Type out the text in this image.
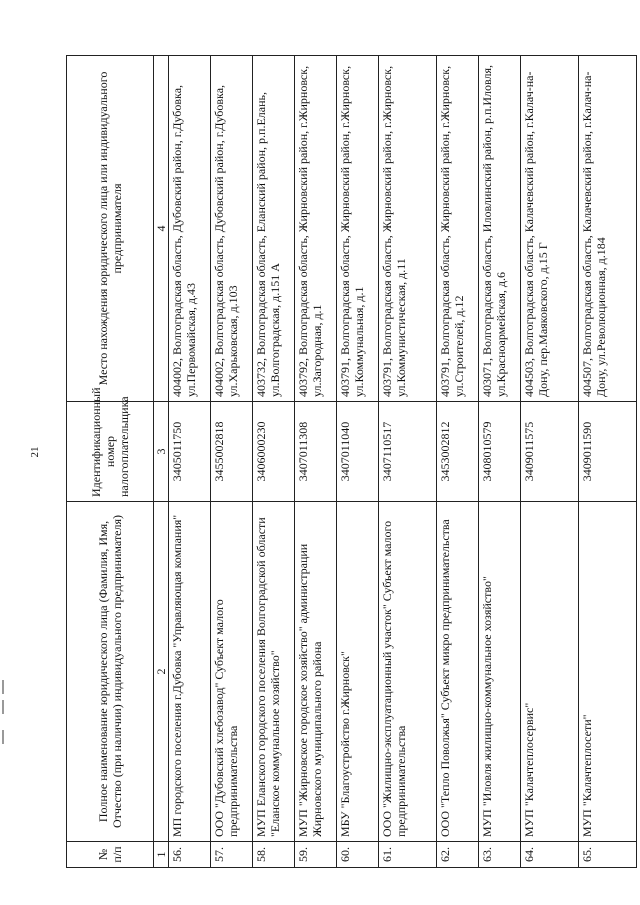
21
№ п/п	Полное наименование юридического лица (Фамилия, Имя, Отчество (при наличии) индивидуального предпринимателя)	Идентификационный номер налогоплательщика	Место нахождения юридического лица или индивидуального предпринимателя
1	2	3	4
56.	МП городского поселения г.Дубовка "Управляющая компания"	3405011750	404002, Волгоградская область, Дубовский район, г.Дубовка, ул.Первомайская, д.43
57.	ООО "Дубовский хлебозавод" Субъект малого предпринимательства	3455002818	404002, Волгоградская область, Дубовский район, г.Дубовка, ул.Харьковская, д.103
58.	МУП Еланского городского поселения Волгоградской области "Еланское коммунальное хозяйство"	3406000230	403732, Волгоградская область, Еланский район, р.п.Елань, ул.Волгоградская, д.151 А
59.	МУП "Жирновское городское хозяйство" администрации Жирновского муниципального района	3407011308	403792, Волгоградская область, Жирновский район, г.Жирновск, ул.Загородная, д.1
60.	МБУ "Благоустройство г.Жирновск"	3407011040	403791, Волгоградская область, Жирновский район, г.Жирновск, ул.Коммунальная, д.1
61.	ООО "Жилищно-эксплуатационный участок" Субъект малого предпринимательства	3407110517	403791, Волгоградская область, Жирновский район, г.Жирновск, ул.Коммунистическая, д.11
62.	ООО "Тепло Поволжья" Субъект микро предпринимательства	3453002812	403791, Волгоградская область, Жирновский район, г.Жирновск, ул.Строителей, д.12
63.	МУП "Иловля жилищно-коммунальное хозяйство"	3408010579	403071, Волгоградская область, Иловлинский район, р.п.Иловля, ул.Красноармейская, д.6
64.	МУП "Калачтеплосервис"	3409011575	404503, Волгоградская область, Калачевский район, г.Калач-на-Дону, пер.Маяковского, д.15 Г
65.	МУП "Калачтеплосети"	3409011590	404507, Волгоградская область, Калачевский район, г.Калач-на-Дону, ул.Революционная, д.184
